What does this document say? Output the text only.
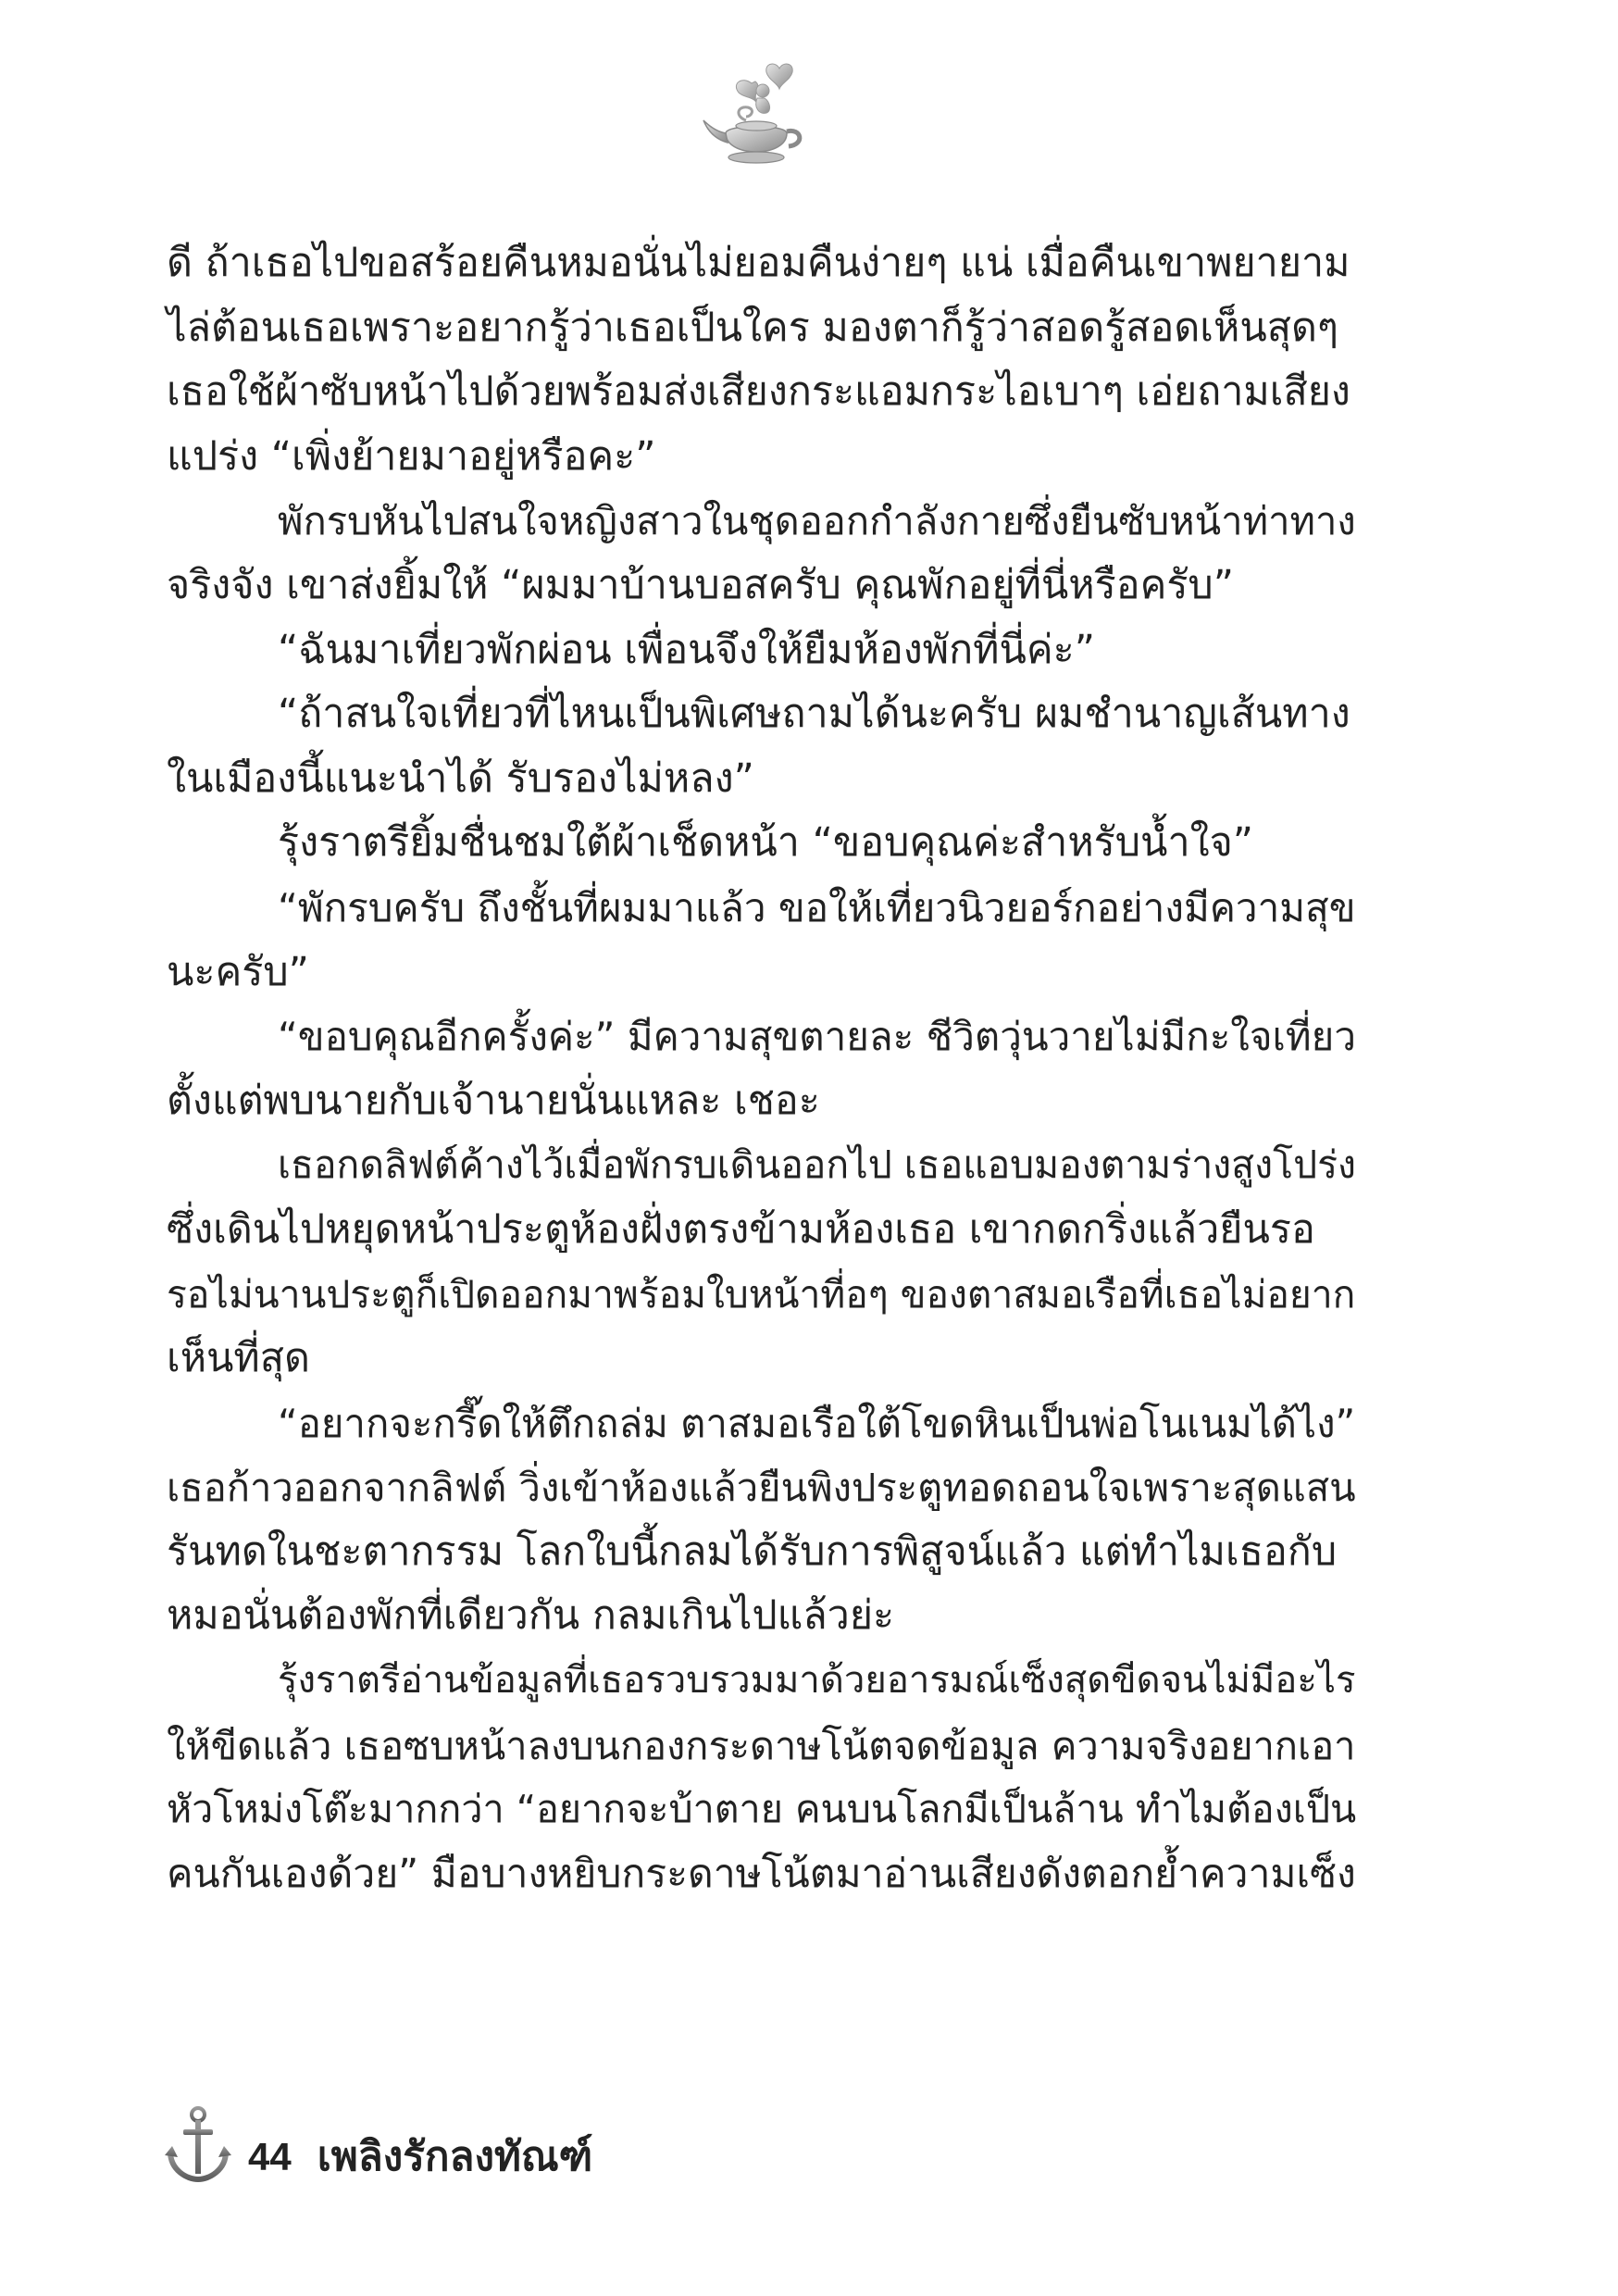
ดี ถ้าเธอไปขอสร้อยคืนหมอนั่นไม่ยอมคืนง่ายๆ แน่ เมื่อคืนเขาพยายาม
ไล่ต้อนเธอเพราะอยากรู้ว่าเธอเป็นใคร มองตาก็รู้ว่าสอดรู้สอดเห็นสุดๆ
เธอใช้ผ้าซับหน้าไปด้วยพร้อมส่งเสียงกระแอมกระไอเบาๆ เอ่ยถามเสียง
แปร่ง “เพิ่งย้ายมาอยู่หรือคะ”
พักรบหันไปสนใจหญิงสาวในชุดออกกำลังกายซึ่งยืนซับหน้าท่าทาง
จริงจัง เขาส่งยิ้มให้ “ผมมาบ้านบอสครับ คุณพักอยู่ที่นี่หรือครับ”
“ฉันมาเที่ยวพักผ่อน เพื่อนจึงให้ยืมห้องพักที่นี่ค่ะ”
“ถ้าสนใจเที่ยวที่ไหนเป็นพิเศษถามได้นะครับ ผมชำนาญเส้นทาง
ในเมืองนี้แนะนำได้ รับรองไม่หลง”
รุ้งราตรียิ้มชื่นชมใต้ผ้าเช็ดหน้า “ขอบคุณค่ะสำหรับน้ำใจ”
“พักรบครับ ถึงชั้นที่ผมมาแล้ว ขอให้เที่ยวนิวยอร์กอย่างมีความสุข
นะครับ”
“ขอบคุณอีกครั้งค่ะ” มีความสุขตายละ ชีวิตวุ่นวายไม่มีกะใจเที่ยว
ตั้งแต่พบนายกับเจ้านายนั่นแหละ เชอะ
เธอกดลิฟต์ค้างไว้เมื่อพักรบเดินออกไป เธอแอบมองตามร่างสูงโปร่ง
ซึ่งเดินไปหยุดหน้าประตูห้องฝั่งตรงข้ามห้องเธอ เขากดกริ่งแล้วยืนรอ
รอไม่นานประตูก็เปิดออกมาพร้อมใบหน้าที่อๆ ของตาสมอเรือที่เธอไม่อยาก
เห็นที่สุด
“อยากจะกรี๊ดให้ตึกถล่ม ตาสมอเรือใต้โขดหินเป็นพ่อโนเนมได้ไง”
เธอก้าวออกจากลิฟต์ วิ่งเข้าห้องแล้วยืนพิงประตูทอดถอนใจเพราะสุดแสน
รันทดในชะตากรรม โลกใบนี้กลมได้รับการพิสูจน์แล้ว แต่ทำไมเธอกับ
หมอนั่นต้องพักที่เดียวกัน กลมเกินไปแล้วย่ะ
รุ้งราตรีอ่านข้อมูลที่เธอรวบรวมมาด้วยอารมณ์เซ็งสุดขีดจนไม่มีอะไร
ให้ขีดแล้ว เธอซบหน้าลงบนกองกระดาษโน้ตจดข้อมูล ความจริงอยากเอา
หัวโหม่งโต๊ะมากกว่า “อยากจะบ้าตาย คนบนโลกมีเป็นล้าน ทำไมต้องเป็น
คนกันเองด้วย” มือบางหยิบกระดาษโน้ตมาอ่านเสียงดังตอกย้ำความเซ็ง
44 เพลิงรักลงทัณฑ์
